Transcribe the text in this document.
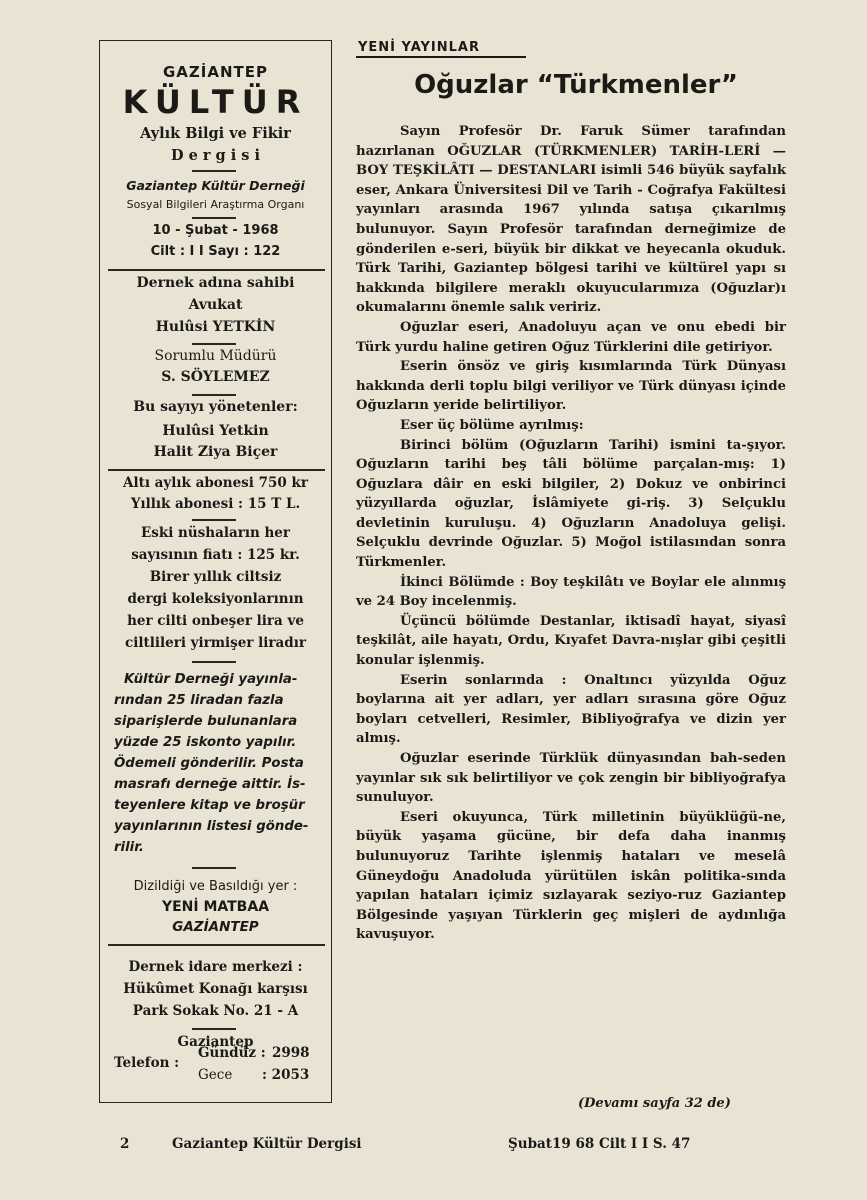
GAZİANTEP
KÜLTÜR
Aylık Bilgi ve Fikir
D e r g i s i
Gaziantep Kültür Derneği
Sosyal Bilgileri Araştırma Organı
10 - Şubat - 1968
Cilt : I I Sayı : 122
Dernek adına sahibi
Avukat
Hulûsi YETKİN
Sorumlu Müdürü
S. SÖYLEMEZ
Bu sayıyı yönetenler:
Hulûsi Yetkin
Halit Ziya Biçer
Altı aylık abonesi 750 kr
Yıllık abonesi : 15 T L.
Eski nüshaların her
sayısının fiatı : 125 kr.
Birer yıllık ciltsiz
dergi koleksiyonlarının
her cilti onbeşer lira ve
ciltlileri yirmişer liradır
Kültür Derneği yayınla-
rından 25 liradan fazla
siparişlerde bulunanlara
yüzde 25 iskonto yapılır.
Ödemeli gönderilir. Posta
masrafı derneğe aittir. İs-
teyenlere kitap ve broşür
yayınlarının listesi gönde-
rilir.
Dizildiği ve Basıldığı yer :
YENİ MATBAA
GAZİANTEP
Dernek idare merkezi :
Hükûmet Konağı karşısı
Park Sokak No. 21 - A
Gaziantep
Telefon :
Gündüz : 2998
Gece : 2053
YENİ YAYINLAR
Oğuzlar “Türkmenler”

Sayın Profesör Dr. Faruk Sümer tarafından hazırlanan OĞUZLAR (TÜRKMENLER) TARİH-LERİ — BOY TEŞKİLÂTI — DESTANLARI isimli 546 büyük sayfalık eser, Ankara Üniversitesi Dil ve Tarih - Coğrafya Fakültesi yayınları arasında 1967 yılında satışa çıkarılmış bulunuyor. Sayın Profesör tarafından derneğimize de gönderilen e-seri, büyük bir dikkat ve heyecanla okuduk. Türk Tarihi, Gaziantep bölgesi tarihi ve kültürel yapı sı hakkında bilgilere meraklı okuyucularımıza (Oğuzlar)ı okumalarını önemle salık veririz.

Oğuzlar eseri, Anadoluyu açan ve onu ebedi bir Türk yurdu haline getiren Oğuz Türklerini dile getiriyor.

Eserin önsöz ve giriş kısımlarında Türk Dünyası hakkında derli toplu bilgi veriliyor ve Türk dünyası içinde Oğuzların yeride belirtiliyor.

Eser üç bölüme ayrılmış:

Birinci bölüm (Oğuzların Tarihi) ismini ta-şıyor. Oğuzların tarihi beş tâli bölüme parçalan-mış: 1) Oğuzlara dâir en eski bilgiler, 2) Dokuz ve onbirinci yüzyıllarda oğuzlar, İslâmiyete gi-riş. 3) Selçuklu devletinin kuruluşu. 4) Oğuzların Anadoluya gelişi. Selçuklu devrinde Oğuzlar. 5) Moğol istilasından sonra Türkmenler.

İkinci Bölümde : Boy teşkilâtı ve Boylar ele alınmış ve 24 Boy incelenmiş.

Üçüncü bölümde Destanlar, iktisadî hayat, siyasî teşkilât, aile hayatı, Ordu, Kıyafet Davra-nışlar gibi çeşitli konular işlenmiş.

Eserin sonlarında : Onaltıncı yüzyılda Oğuz boylarına ait yer adları, yer adları sırasına göre Oğuz boyları cetvelleri, Resimler, Bibliyoğrafya ve dizin yer almış.

Oğuzlar eserinde Türklük dünyasından bah-seden yayınlar sık sık belirtiliyor ve çok zengin bir bibliyoğrafya sunuluyor.

Eseri okuyunca, Türk milletinin büyüklüğü-ne, büyük yaşama gücüne, bir defa daha inanmış bulunuyoruz Tarihte işlenmiş hataları ve meselâ Güneydoğu Anadoluda yürütülen iskân politika-sında yapılan hataları içimiz sızlayarak seziyo-ruz Gaziantep Bölgesinde yaşıyan Türklerin geç mişleri de aydınlığa kavuşuyor.

(Devamı sayfa 32 de)
2	Gaziantep Kültür Dergisi	Şubat19 68 Cilt I I S. 47
